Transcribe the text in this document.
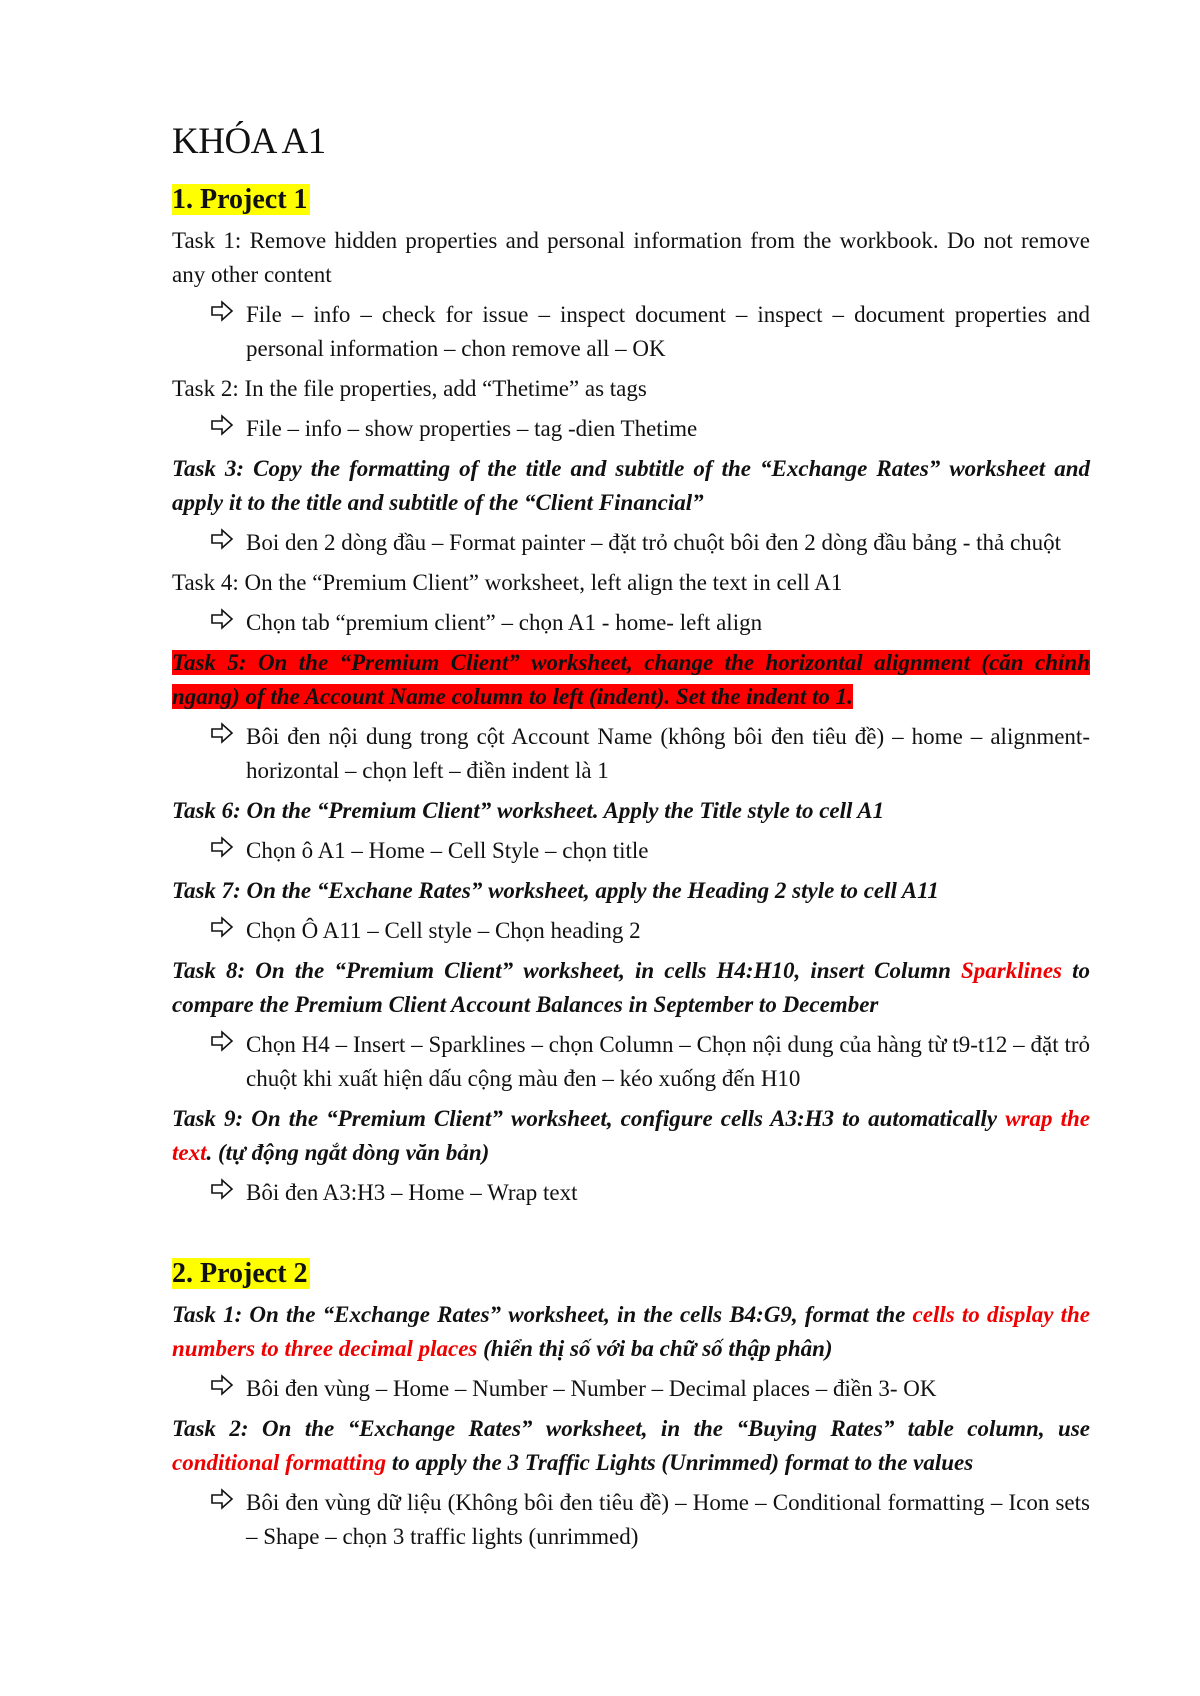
KHÓA A1
1. Project 1

Task 1: Remove hidden properties and personal information from the workbook. Do not remove any other content

File – info – check for issue – inspect document – inspect – document properties and personal information – chon remove all – OK

Task 2: In the file properties, add “Thetime” as tags

File – info – show properties – tag -dien Thetime

Task 3: Copy the formatting of the title and subtitle of the “Exchange Rates” worksheet and apply it to the title and subtitle of the “Client Financial”

Boi den 2 dòng đầu – Format painter – đặt trỏ chuột bôi đen 2 dòng đầu bảng - thả chuột

Task 4: On the “Premium Client” worksheet, left align the text in cell A1

Chọn tab “premium client” – chọn A1 - home- left align

Task 5: On the “Premium Client” worksheet, change the horizontal alignment (căn chỉnh ngang) of the Account Name column to left (indent). Set the indent to 1.

Bôi đen nội dung trong cột Account Name (không bôi đen tiêu đề) – home – alignment- horizontal – chọn left – điền indent là 1

Task 6: On the “Premium Client” worksheet. Apply the Title style to cell A1

Chọn ô A1 – Home – Cell Style – chọn title

Task 7: On the “Exchane Rates” worksheet, apply the Heading 2 style to cell A11

Chọn Ô A11 – Cell style – Chọn heading 2

Task 8: On the “Premium Client” worksheet, in cells H4:H10, insert Column Sparklines to compare the Premium Client Account Balances in September to December

Chọn H4 – Insert – Sparklines – chọn Column – Chọn nội dung của hàng từ t9-t12 – đặt trỏ chuột khi xuất hiện dấu cộng màu đen – kéo xuống đến H10

Task 9: On the “Premium Client” worksheet, configure cells A3:H3 to automatically wrap the text. (tự động ngắt dòng văn bản)

Bôi đen A3:H3 – Home – Wrap text
2. Project 2

Task 1: On the “Exchange Rates” worksheet, in the cells B4:G9, format the cells to display the numbers to three decimal places (hiển thị số với ba chữ số thập phân)

Bôi đen vùng – Home – Number – Number – Decimal places – điền 3- OK

Task 2: On the “Exchange Rates” worksheet, in the “Buying Rates” table column, use conditional formatting to apply the 3 Traffic Lights (Unrimmed) format to the values

Bôi đen vùng dữ liệu (Không bôi đen tiêu đề) – Home – Conditional formatting – Icon sets – Shape – chọn 3 traffic lights (unrimmed)
